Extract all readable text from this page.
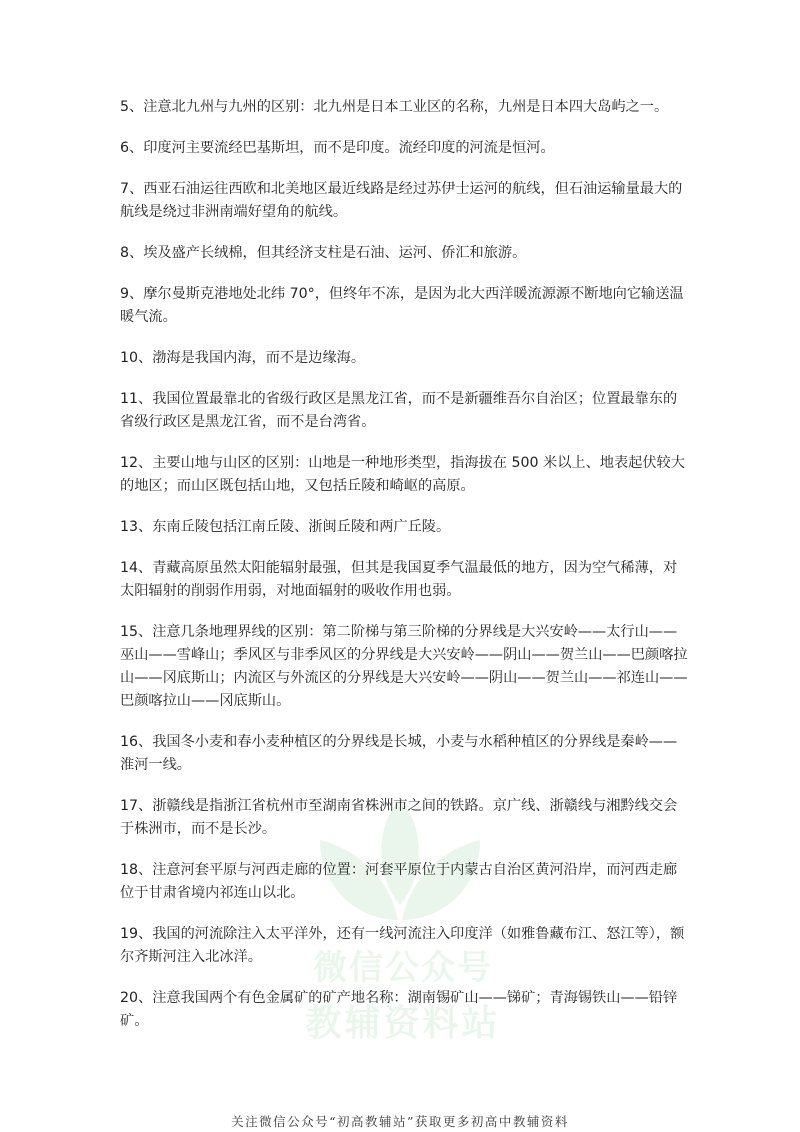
微信公众号
教辅资料站

5、注意北九州与九州的区别：北九州是日本工业区的名称，九州是日本四大岛屿之一。

6、印度河主要流经巴基斯坦，而不是印度。流经印度的河流是恒河。

7、西亚石油运往西欧和北美地区最近线路是经过苏伊士运河的航线，但石油运输量最大的航线是绕过非洲南端好望角的航线。

8、埃及盛产长绒棉，但其经济支柱是石油、运河、侨汇和旅游。

9、摩尔曼斯克港地处北纬 70°，但终年不冻，是因为北大西洋暖流源源不断地向它输送温暖气流。

10、渤海是我国内海，而不是边缘海。

11、我国位置最靠北的省级行政区是黑龙江省，而不是新疆维吾尔自治区；位置最靠东的省级行政区是黑龙江省，而不是台湾省。

12、主要山地与山区的区别：山地是一种地形类型，指海拔在 500 米以上、地表起伏较大的地区；而山区既包括山地，又包括丘陵和崎岖的高原。

13、东南丘陵包括江南丘陵、浙闽丘陵和两广丘陵。

14、青藏高原虽然太阳能辐射最强，但其是我国夏季气温最低的地方，因为空气稀薄，对太阳辐射的削弱作用弱，对地面辐射的吸收作用也弱。

15、注意几条地理界线的区别：第二阶梯与第三阶梯的分界线是大兴安岭——太行山——巫山——雪峰山；季风区与非季风区的分界线是大兴安岭——阴山——贺兰山——巴颜喀拉山——冈底斯山；内流区与外流区的分界线是大兴安岭——阴山——贺兰山——祁连山——巴颜喀拉山——冈底斯山。

16、我国冬小麦和春小麦种植区的分界线是长城，小麦与水稻种植区的分界线是秦岭——淮河一线。

17、浙赣线是指浙江省杭州市至湖南省株洲市之间的铁路。京广线、浙赣线与湘黔线交会于株洲市，而不是长沙。

18、注意河套平原与河西走廊的位置：河套平原位于内蒙古自治区黄河沿岸，而河西走廊位于甘肃省境内祁连山以北。

19、我国的河流除注入太平洋外，还有一线河流注入印度洋（如雅鲁藏布江、怒江等），额尔齐斯河注入北冰洋。

20、注意我国两个有色金属矿的矿产地名称：湖南锡矿山——锑矿；青海锡铁山——铅锌矿。

关注微信公众号“初高教辅站”获取更多初高中教辅资料
